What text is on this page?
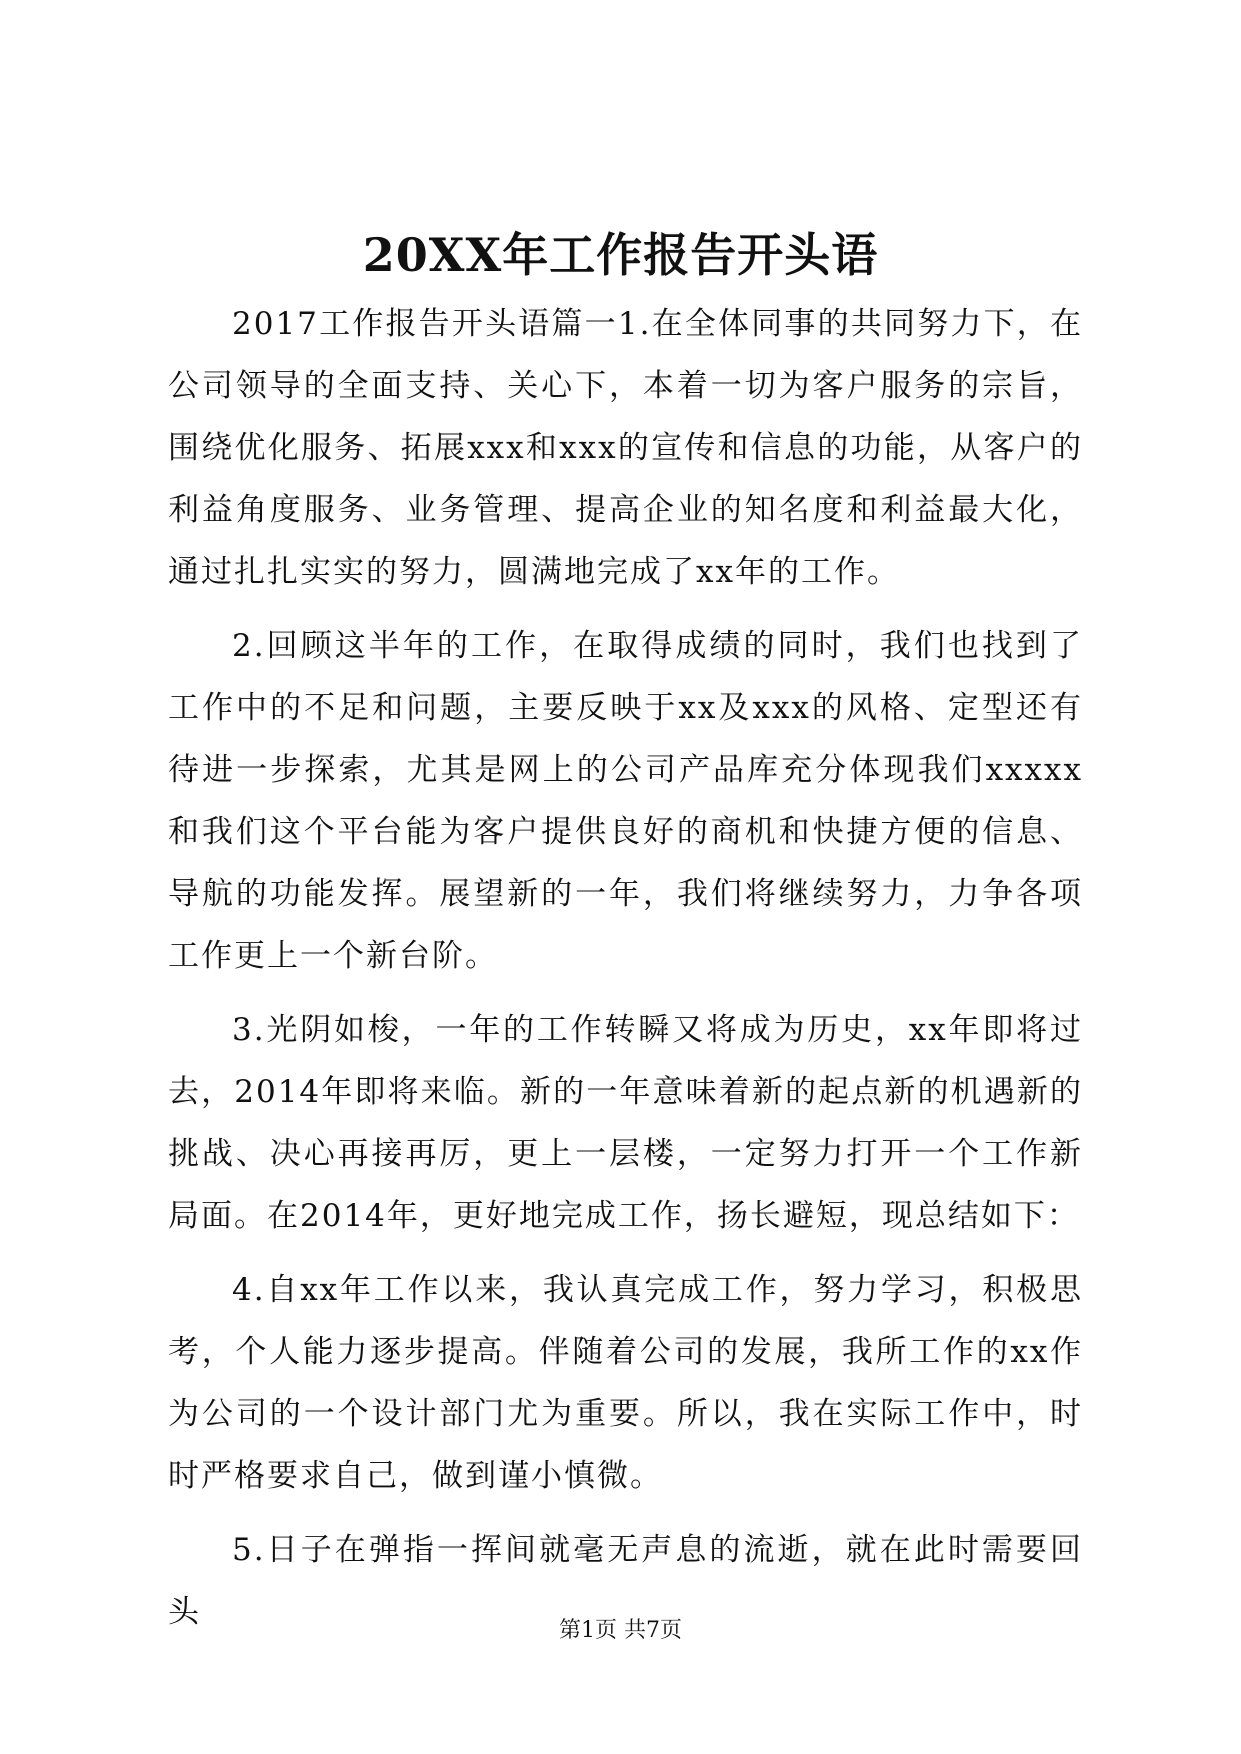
20XX年工作报告开头语

2017工作报告开头语篇一1.在全体同事的共同努力下，在公司领导的全面支持、关心下，本着一切为客户服务的宗旨，围绕优化服务、拓展xxx和xxx的宣传和信息的功能，从客户的利益角度服务、业务管理、提高企业的知名度和利益最大化，通过扎扎实实的努力，圆满地完成了xx年的工作。

2.回顾这半年的工作，在取得成绩的同时，我们也找到了工作中的不足和问题，主要反映于xx及xxx的风格、定型还有待进一步探索，尤其是网上的公司产品库充分体现我们xxxxx和我们这个平台能为客户提供良好的商机和快捷方便的信息、导航的功能发挥。展望新的一年，我们将继续努力，力争各项工作更上一个新台阶。

3.光阴如梭，一年的工作转瞬又将成为历史，xx年即将过去，2014年即将来临。新的一年意味着新的起点新的机遇新的挑战、决心再接再厉，更上一层楼，一定努力打开一个工作新局面。在2014年，更好地完成工作，扬长避短，现总结如下：

4.自xx年工作以来，我认真完成工作，努力学习，积极思考，个人能力逐步提高。伴随着公司的发展，我所工作的xx作为公司的一个设计部门尤为重要。所以，我在实际工作中，时时严格要求自己，做到谨小慎微。

5.日子在弹指一挥间就毫无声息的流逝，就在此时需要回头

第1页 共7页
